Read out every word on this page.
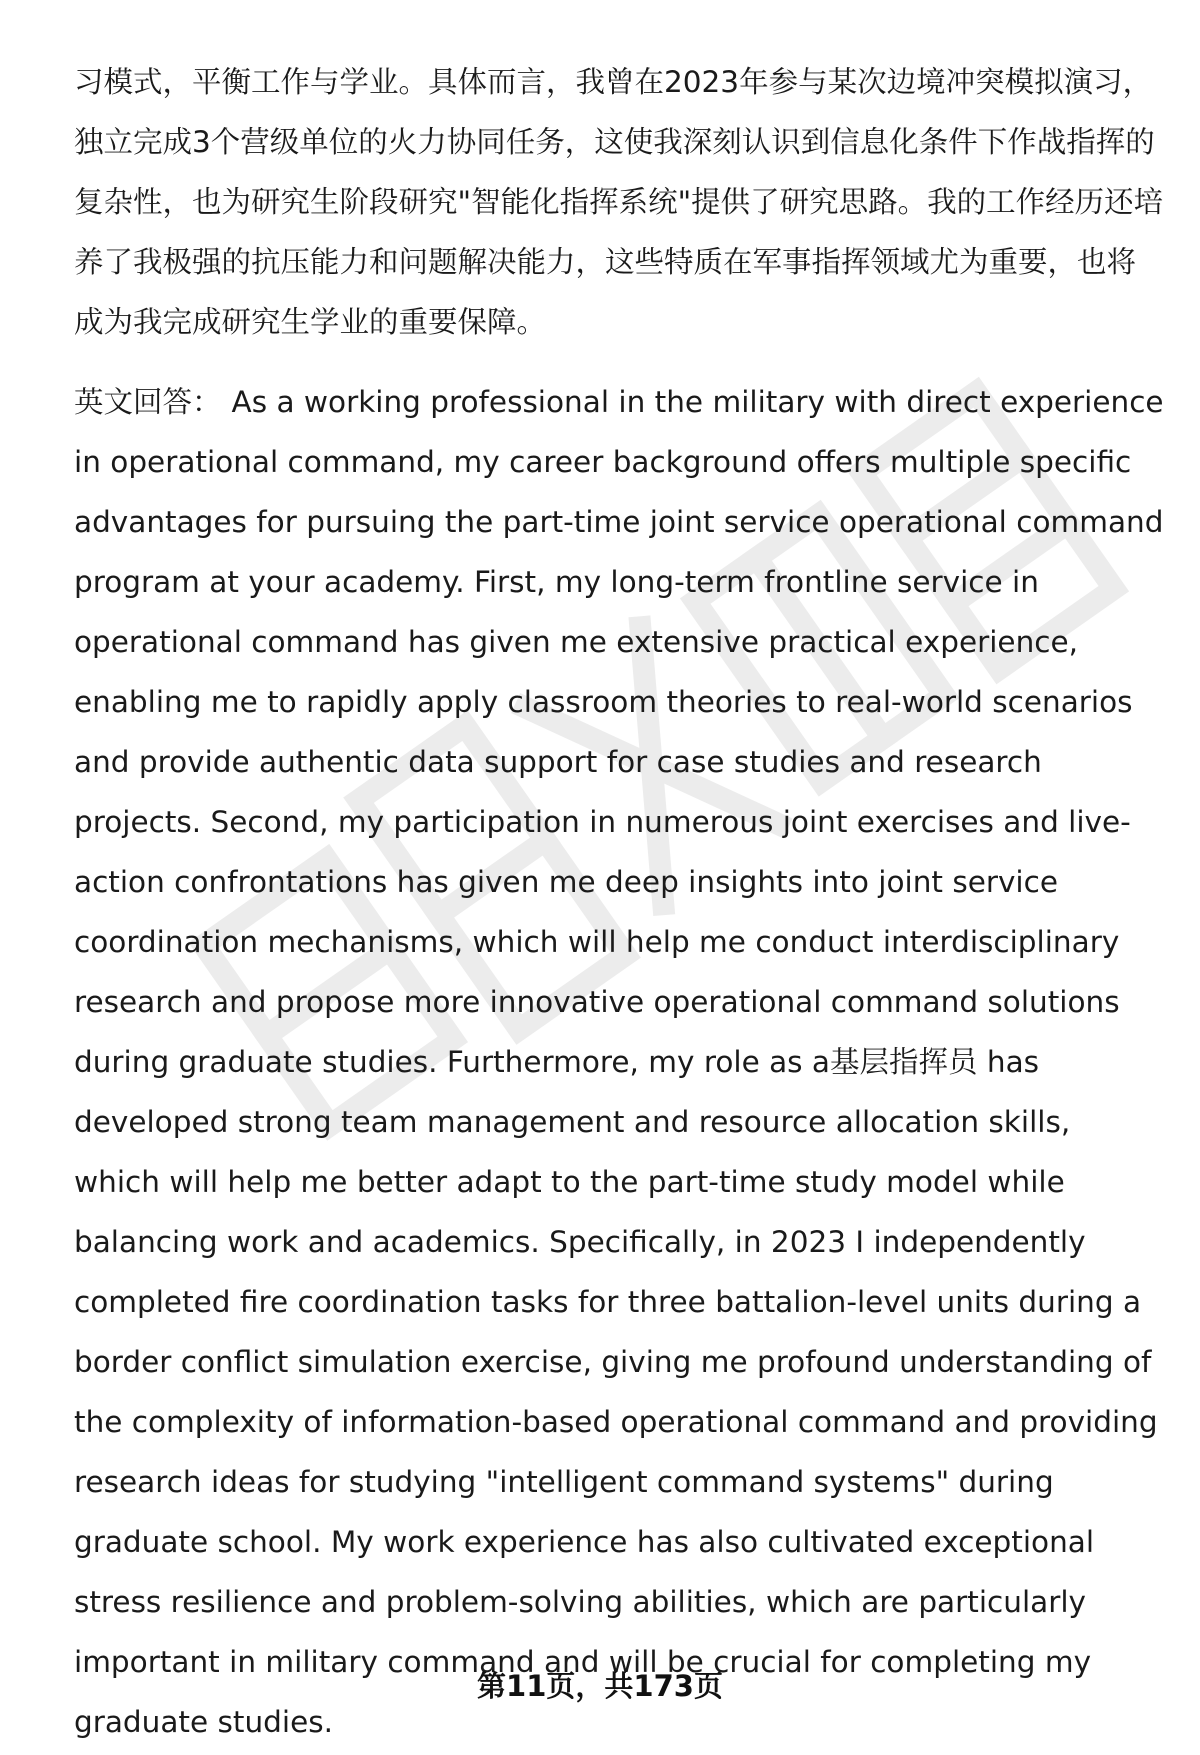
习模式，平衡工作与学业。具体而言，我曾在2023年参与某次边境冲突模拟演习，独立完成3个营级单位的火力协同任务，这使我深刻认识到信息化条件下作战指挥的复杂性，也为研究生阶段研究"智能化指挥系统"提供了研究思路。我的工作经历还培养了我极强的抗压能力和问题解决能力，这些特质在军事指挥领域尤为重要，也将成为我完成研究生学业的重要保障。

英文回答： As a working professional in the military with direct experience in operational command, my career background offers multiple specific advantages for pursuing the part-time joint service operational command program at your academy. First, my long-term frontline service in operational command has given me extensive practical experience, enabling me to rapidly apply classroom theories to real-world scenarios and provide authentic data support for case studies and research projects. Second, my participation in numerous joint exercises and live-action confrontations has given me deep insights into joint service coordination mechanisms, which will help me conduct interdisciplinary research and propose more innovative operational command solutions during graduate studies. Furthermore, my role as a基层指挥员 has developed strong team management and resource allocation skills, which will help me better adapt to the part-time study model while balancing work and academics. Specifically, in 2023 I independently completed fire coordination tasks for three battalion-level units during a border conflict simulation exercise, giving me profound understanding of the complexity of information-based operational command and providing research ideas for studying "intelligent command systems" during graduate school. My work experience has also cultivated exceptional stress resilience and problem-solving abilities, which are particularly important in military command and will be crucial for completing my graduate studies.

第11页，共173页
